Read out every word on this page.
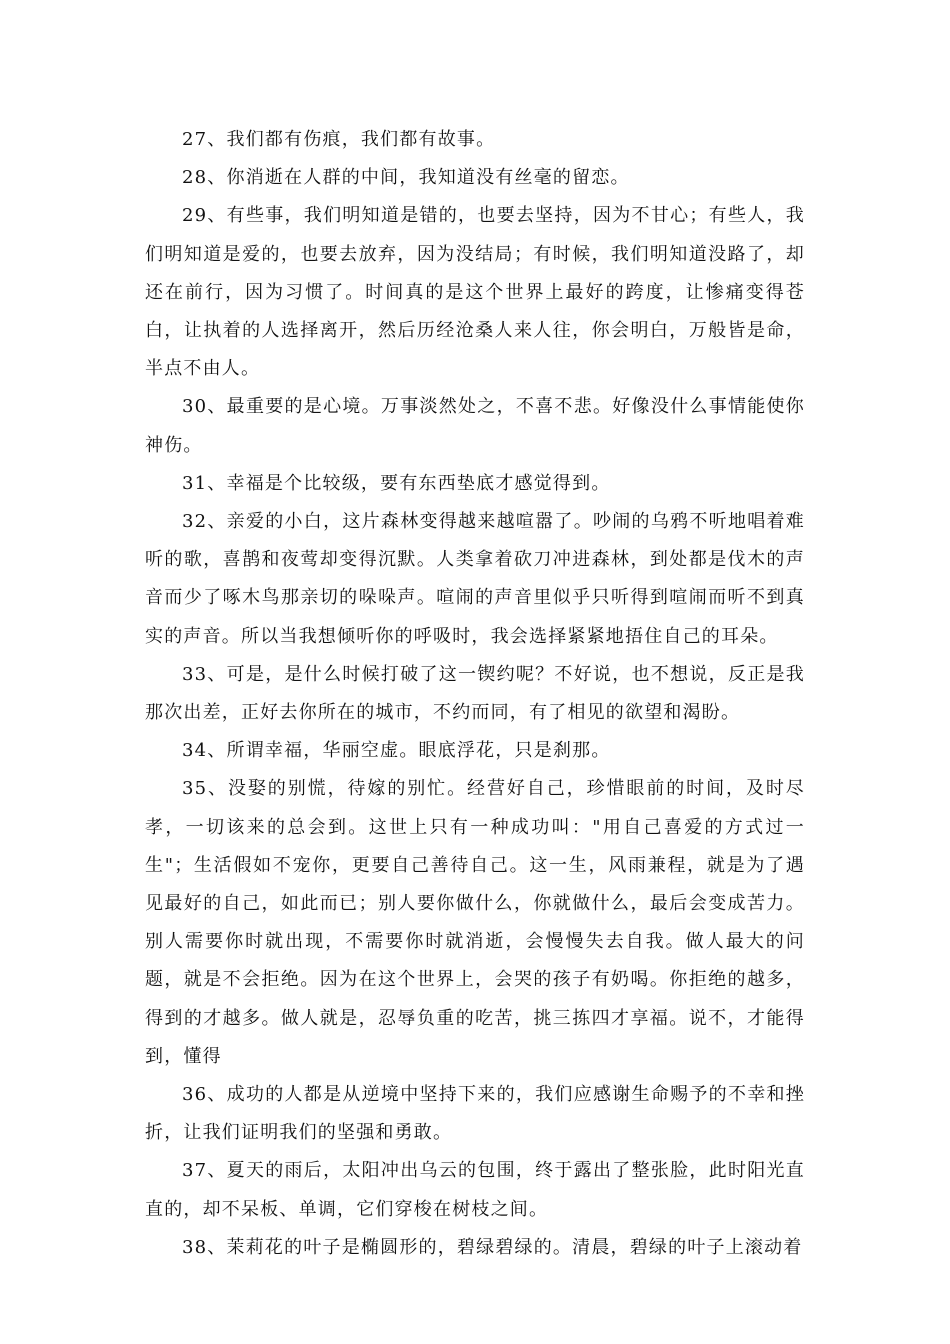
27、我们都有伤痕，我们都有故事。

28、你消逝在人群的中间，我知道没有丝毫的留恋。

29、有些事，我们明知道是错的，也要去坚持，因为不甘心；有些人，我们明知道是爱的，也要去放弃，因为没结局；有时候，我们明知道没路了，却还在前行，因为习惯了。时间真的是这个世界上最好的跨度，让惨痛变得苍白，让执着的人选择离开，然后历经沧桑人来人往，你会明白，万般皆是命，半点不由人。

30、最重要的是心境。万事淡然处之，不喜不悲。好像没什么事情能使你神伤。

31、幸福是个比较级，要有东西垫底才感觉得到。

32、亲爱的小白，这片森林变得越来越喧嚣了。吵闹的乌鸦不听地唱着难听的歌，喜鹊和夜莺却变得沉默。人类拿着砍刀冲进森林，到处都是伐木的声音而少了啄木鸟那亲切的哚哚声。喧闹的声音里似乎只听得到喧闹而听不到真实的声音。所以当我想倾听你的呼吸时，我会选择紧紧地捂住自己的耳朵。

33、可是，是什么时候打破了这一锲约呢？不好说，也不想说，反正是我那次出差，正好去你所在的城市，不约而同，有了相见的欲望和渴盼。

34、所谓幸福，华丽空虚。眼底浮花，只是刹那。

35、没娶的别慌，待嫁的别忙。经营好自己，珍惜眼前的时间，及时尽孝，一切该来的总会到。这世上只有一种成功叫："用自己喜爱的方式过一生"；生活假如不宠你，更要自己善待自己。这一生，风雨兼程，就是为了遇见最好的自己，如此而已；别人要你做什么，你就做什么，最后会变成苦力。别人需要你时就出现，不需要你时就消逝，会慢慢失去自我。做人最大的问题，就是不会拒绝。因为在这个世界上，会哭的孩子有奶喝。你拒绝的越多，得到的才越多。做人就是，忍辱负重的吃苦，挑三拣四才享福。说不，才能得到，懂得

36、成功的人都是从逆境中坚持下来的，我们应感谢生命赐予的不幸和挫折，让我们证明我们的坚强和勇敢。

37、夏天的雨后，太阳冲出乌云的包围，终于露出了整张脸，此时阳光直直的，却不呆板、单调，它们穿梭在树枝之间。

38、茉莉花的叶子是椭圆形的，碧绿碧绿的。清晨，碧绿的叶子上滚动着
